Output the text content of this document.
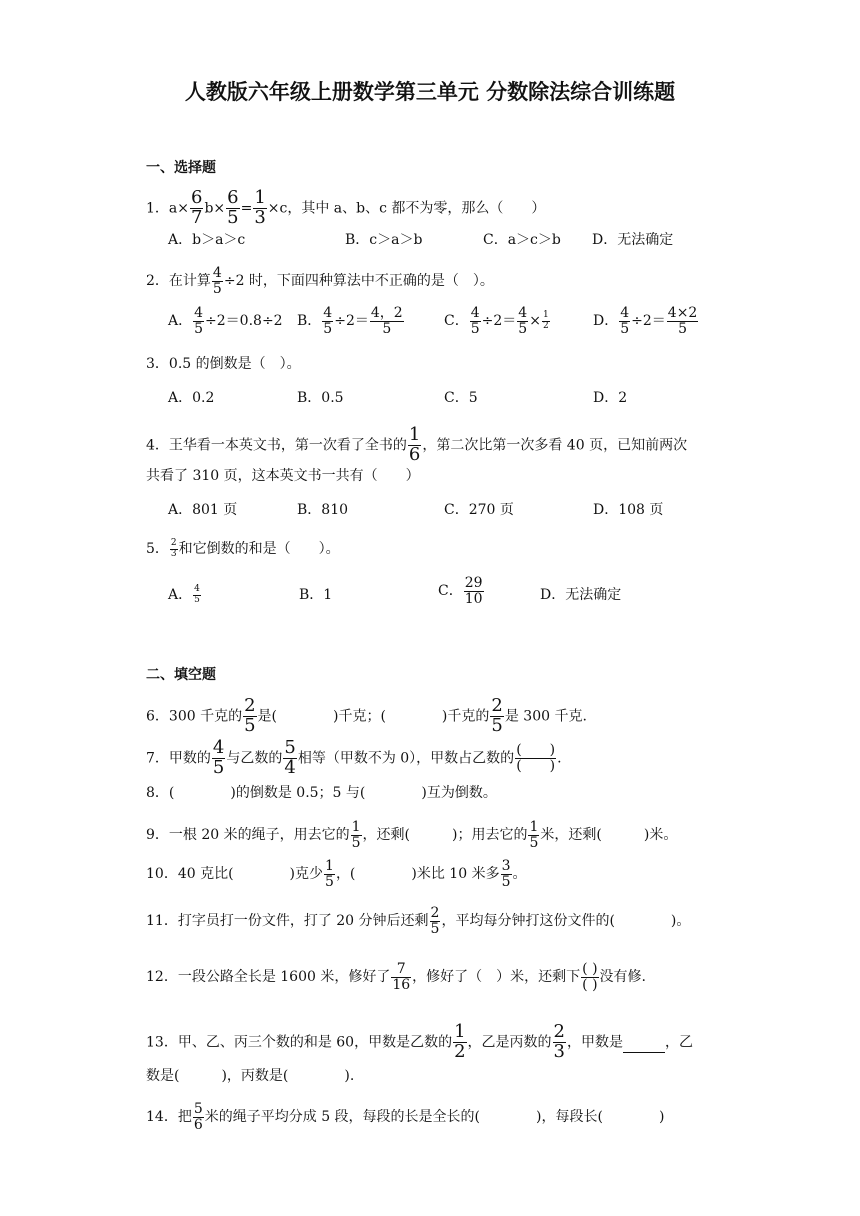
人教版六年级上册数学第三单元 分数除法综合训练题
一、选择题
1．$a\times \frac{6}{7} b\times \frac{6}{5} = \frac{1}{3} \times c$，其中 a、b、c 都不为零，那么（　　）
A．b＞a＞c	B．c＞a＞b	C．a＞c＞b D．无法确定
2．在计算 $\frac{4}{5} \div 2$ 时，下面四种算法中不正确的是（　）。
A． $\frac{4}{5} \div 2=0.8\div 2$ B． $\frac{4}{5} \div 2= \frac{4,2}{5}$	C． $\frac{4}{5} \div 2= \frac{4}{5} \times \frac{1}{2}$	D． $\frac{4}{5} \div 2= \frac{4\times 2}{5}$
3．0.5 的倒数是（　）。
A．0.2	B．0.5	C．5	D．2
4．王华看一本英文书，第一次看了全书的 $\frac{1}{6}$ ，第二次比第一次多看 40 页，已知前两次
共看了 310 页，这本英文书一共有（　　）
A．801 页	B．810	C．270 页	D．108 页
5． $\frac{2}{3}$ 和它倒数的和是（　　）。
A． $\frac{4}{5}$	B．1	C． $\frac{29}{10}$	D．无法确定
二、填空题
6．300 千克的 $\frac{2}{5}$ 是(　　　　)千克；(　　　　)千克的 $\frac{2}{5}$ 是 300 千克.
7．甲数的 $\frac{4}{5}$ 与乙数的 $\frac{5}{4}$ 相等（甲数不为 0），甲数占乙数的 $\frac{( )}{( )}$ .
8．(　　　　)的倒数是 0.5；5 与(　　　　)互为倒数。
9．一根 20 米的绳子，用去它的 $\frac{1}{5}$ ，还剩(　　　)；用去它的 $\frac{1}{5}$ 米，还剩(　　　)米。
10．40 克比(　　　　)克少 $\frac{1}{5}$ ，(　　　　)米比 10 米多 $\frac{3}{5}$ 。
11．打字员打一份文件，打了 20 分钟后还剩 $\frac{2}{5}$ ，平均每分钟打这份文件的(　　　　)。
12．一段公路全长是 1600 米，修好了 $\frac{7}{16}$ ，修好了（　）米，还剩下 $\frac{( )}{( )}$ 没有修.
13．甲、乙、丙三个数的和是 60，甲数是乙数的 $\frac{1}{2}$ ，乙是丙数的 $\frac{2}{3}$ ，甲数是　　　	，乙
数是(　　　)，丙数是(　　　　).
14．把 $\frac{5}{6}$ 米的绳子平均分成 5 段，每段的长是全长的(　　　　)，每段长(　　　　)
